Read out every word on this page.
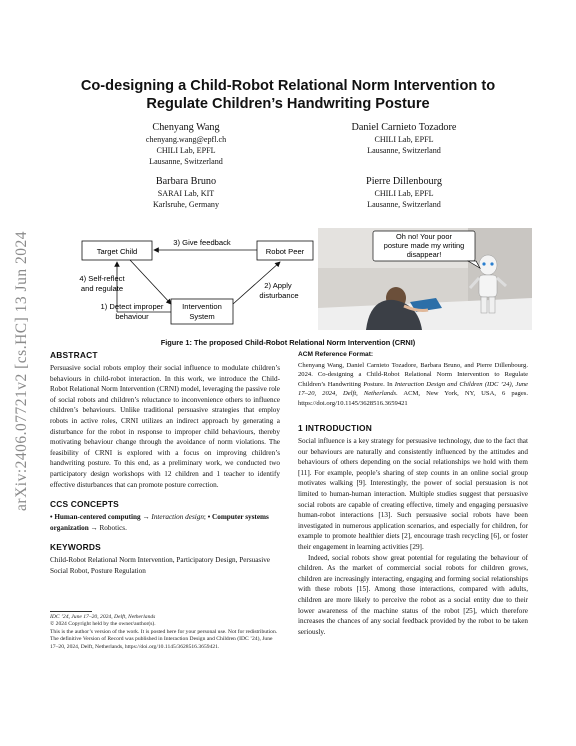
arXiv:2406.07721v2 [cs.HC] 13 Jun 2024
Co-designing a Child-Robot Relational Norm Intervention to
Regulate Children’s Handwriting Posture
Chenyang Wang
chenyang.wang@epfl.ch
CHILI Lab, EPFL
Lausanne, Switzerland
Daniel Carnieto Tozadore
CHILI Lab, EPFL
Lausanne, Switzerland
Barbara Bruno
SARAI Lab, KIT
Karlsruhe, Germany
Pierre Dillenbourg
CHILI Lab, EPFL
Lausanne, Switzerland
Target Child	Robot Peer
Intervention
System
3) Give feedback
4) Self-reflect
and regulate
1) Detect improper
behaviour
2) Apply
disturbance
Oh no! Your poor
posture made my writing
disappear!
Figure 1: The proposed Child-Robot Relational Norm Intervention (CRNI)
ABSTRACT

Persuasive social robots employ their social influence to modulate children’s behaviours in child-robot interaction. In this work, we introduce the Child-Robot Relational Norm Intervention (CRNI) model, leveraging the passive role of social robots and children’s reluctance to inconvenience others to influence children’s behaviours. Unlike traditional persuasive strategies that employ robots in active roles, CRNI utilizes an indirect approach by generating a disturbance for the robot in response to improper child behaviours, thereby motivating behaviour change through the avoidance of norm violations. The feasibility of CRNI is explored with a focus on improving children’s handwriting posture. To this end, as a preliminary work, we conducted two participatory design workshops with 12 children and 1 teacher to identify effective disturbances that can promote posture correction.

CCS CONCEPTS

• Human-centered computing → Interaction design; • Computer systems organization → Robotics.

KEYWORDS

Child-Robot Relational Norm Intervention, Participatory Design, Persuasive Social Robot, Posture Regulation

ACM Reference Format:

Chenyang Wang, Daniel Carnieto Tozadore, Barbara Bruno, and Pierre Dillenbourg. 2024. Co-designing a Child-Robot Relational Norm Intervention to Regulate Children’s Handwriting Posture. In Interaction Design and Children (IDC ’24), June 17–20, 2024, Delft, Netherlands. ACM, New York, NY, USA, 6 pages. https://doi.org/10.1145/3628516.3659421

1 INTRODUCTION

Social influence is a key strategy for persuasive technology, due to the fact that our behaviours are naturally and consistently influenced by the attitudes and behaviours of others depending on the social relationships we hold with them [11]. For example, people’s sharing of step counts in an online social group motivates walking [9]. Interestingly, the power of social persuasion is not limited to human-human interaction. Multiple studies suggest that persuasive social robots are capable of creating effective, timely and engaging persuasive human-robot interactions [13]. Such persuasive social robots have been investigated in numerous application scenarios, and especially for children, for example to promote healthier diets [2], encourage trash recycling [6], or foster their engagement in learning activities [29].

Indeed, social robots show great potential for regulating the behaviour of children. As the market of commercial social robots for children grows, children are increasingly interacting, engaging and forming social relationships with these robots [15]. Among those interactions, compared with adults, children are more likely to perceive the robot as a social entity due to their lower awareness of the machine status of the robot [25], which therefore increases the chances of any social feedback provided by the robot to be taken seriously.

IDC ’24, June 17–20, 2024, Delft, Netherlands
© 2024 Copyright held by the owner/author(s).
This is the author’s version of the work. It is posted here for your personal use. Not for redistribution. The definitive Version of Record was published in Interaction Design and Children (IDC ’24), June 17–20, 2024, Delft, Netherlands, https://doi.org/10.1145/3628516.3659421.
